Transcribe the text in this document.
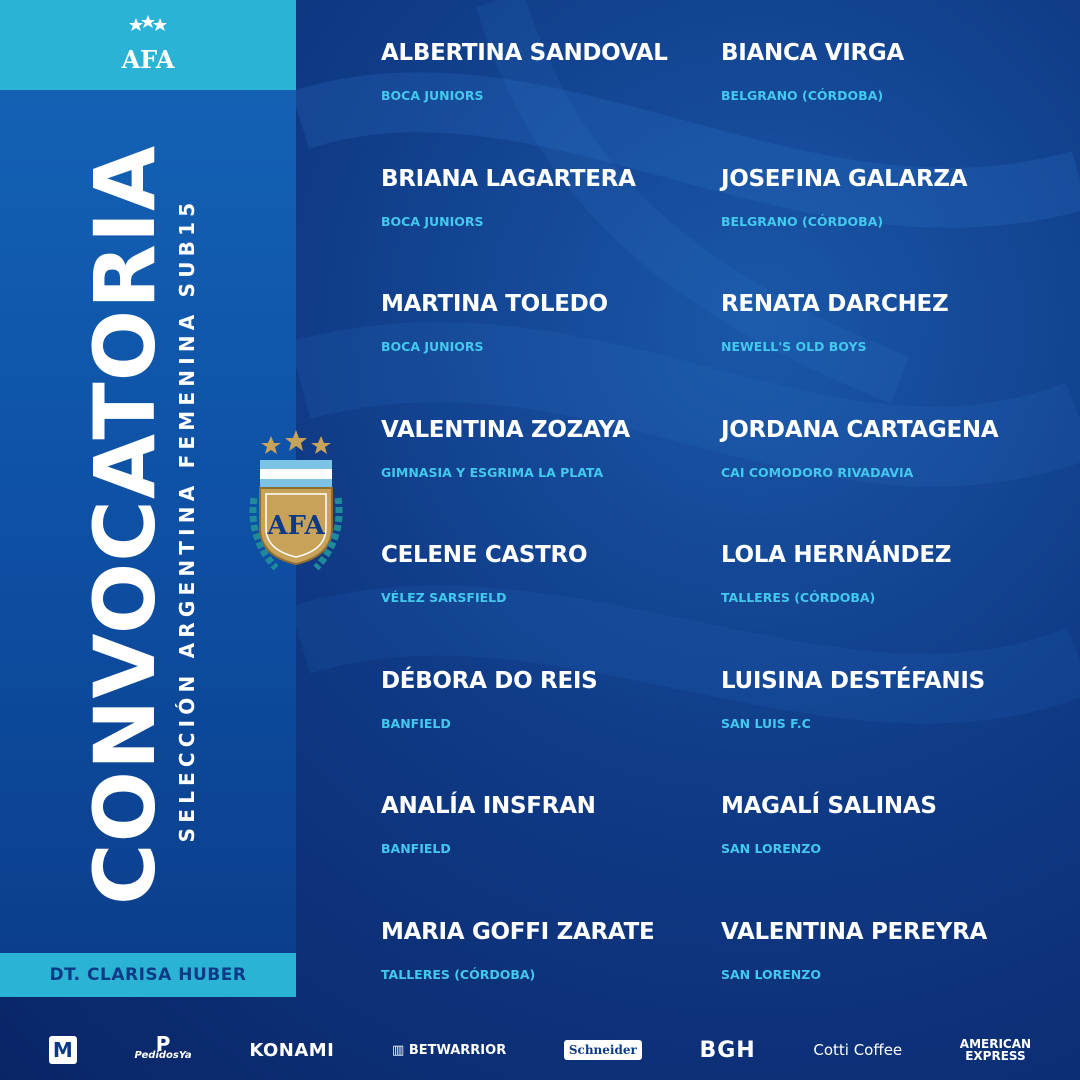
AFA
CONVOCATORIA SELECCIÓN ARGENTINA FEMENINA SUB15
DT. CLARISA HUBER
AFA
ALBERTINA SANDOVAL
BOCA JUNIORS
BIANCA VIRGA
BELGRANO (CÓRDOBA)
BRIANA LAGARTERA
BOCA JUNIORS
JOSEFINA GALARZA
BELGRANO (CÓRDOBA)
MARTINA TOLEDO
BOCA JUNIORS
RENATA DARCHEZ
NEWELL'S OLD BOYS
VALENTINA ZOZAYA
GIMNASIA Y ESGRIMA LA PLATA
JORDANA CARTAGENA
CAI COMODORO RIVADAVIA
CELENE CASTRO
VÉLEZ SARSFIELD
LOLA HERNÁNDEZ
TALLERES (CÓRDOBA)
DÉBORA DO REIS
BANFIELD
LUISINA DESTÉFANIS
SAN LUIS F.C
ANALÍA INSFRAN
BANFIELD
MAGALÍ SALINAS
SAN LORENZO
MARIA GOFFI ZARATE
TALLERES (CÓRDOBA)
VALENTINA PEREYRA
SAN LORENZO
M	P
PedidosYa	KONAMI	▥ BETWARRIOR	Schneider	BGH	Cotti Coffee	AMERICAN
EXPRESS
